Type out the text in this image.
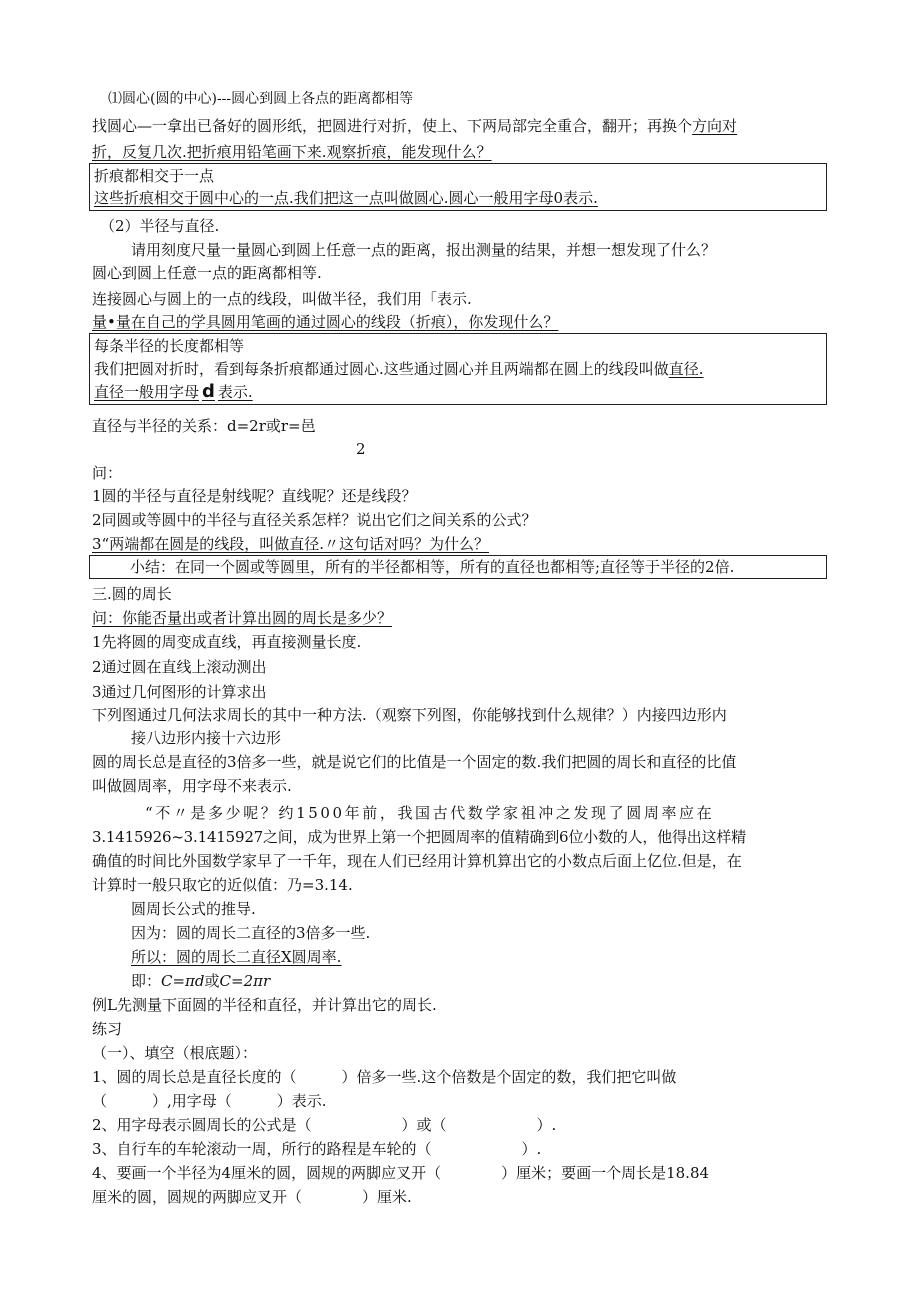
⑴圆心(圆的中心)---圆心到圆上各点的距离都相等
找圆心—一拿出已备好的圆形纸，把圆进行对折，使上、下两局部完全重合，翻开；再换个方向对
折，反复几次.把折痕用铅笔画下来.观察折痕，能发现什么？
折痕都相交于一点
这些折痕相交于圆中心的一点.我们把这一点叫做圆心.圆心一般用字母0表示.
（2）半径与直径.
请用刻度尺量一量圆心到圆上任意一点的距离，报出测量的结果，并想一想发现了什么？
圆心到圆上任意一点的距离都相等.
连接圆心与圆上的一点的线段，叫做半径，我们用「表示.
量•量在自己的学具圆用笔画的通过圆心的线段（折痕），你发现什么？
每条半径的长度都相等
我们把圆对折时，看到每条折痕都通过圆心.这些通过圆心并且两端都在圆上的线段叫做直径.
直径一般用字母 d 表示.
直径与半径的关系：d=2r或r=邑
2
问：
1圆的半径与直径是射线呢？直线呢？还是线段？
2同圆或等圆中的半径与直径关系怎样？说出它们之间关系的公式？
3“两端都在圆是的线段，叫做直径.〃这句话对吗？为什么？
小结：在同一个圆或等圆里，所有的半径都相等，所有的直径也都相等;直径等于半径的2倍.
三.圆的周长
问：你能否量出或者计算出圆的周长是多少？
1先将圆的周变成直线，再直接测量长度.
2通过圆在直线上滚动测出
3通过几何图形的计算求出
下列图通过几何法求周长的其中一种方法.（观察下列图，你能够找到什么规律？）内接四边形内
接八边形内接十六边形
圆的周长总是直径的3倍多一些，就是说它们的比值是一个固定的数.我们把圆的周长和直径的比值
叫做圆周率，用字母不来表示.
“不〃是多少呢？约1500年前，我国古代数学家祖冲之发现了圆周率应在
3.1415926~3.1415927之间，成为世界上第一个把圆周率的值精确到6位小数的人，他得出这样精
确值的时间比外国数学家早了一千年，现在人们已经用计算机算出它的小数点后面上亿位.但是，在
计算时一般只取它的近似值：乃=3.14.
圆周长公式的推导.
因为：圆的周长二直径的3倍多一些.
所以：圆的周长二直径X圆周率.
即：C=πd或C=2πr
例L先测量下面圆的半径和直径，并计算出它的周长.
练习
（一）、填空（根底题）：
1、圆的周长总是直径长度的（　　　）倍多一些.这个倍数是个固定的数，我们把它叫做
（　　　）,用字母（　　　）表示.
2、用字母表示圆周长的公式是（　　　　　　）或（　　　　　　）.
3、自行车的车轮滚动一周，所行的路程是车轮的（　　　　　　）.
4、要画一个半径为4厘米的圆，圆规的两脚应叉开（　　　　）厘米；要画一个周长是18.84
厘米的圆，圆规的两脚应叉开（　　　　）厘米.
